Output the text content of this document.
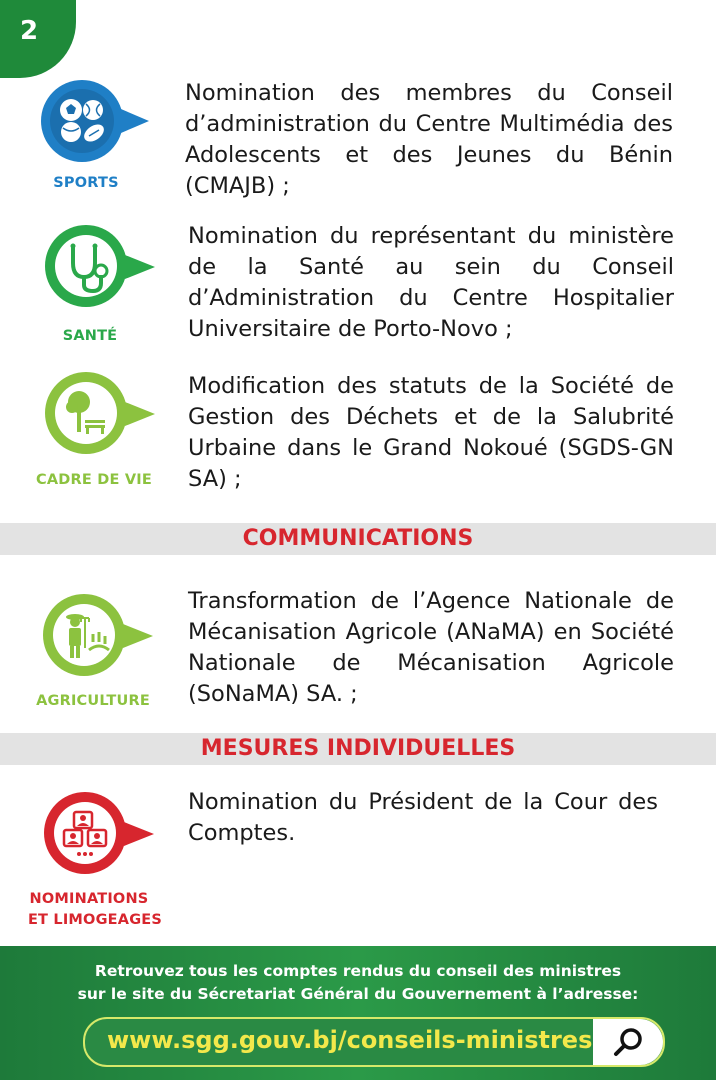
2
SPORTS
Nomination des membres du Conseil d’administration du Centre Multimédia des Adolescents et des Jeunes du Bénin (CMAJB) ;
SANTÉ
Nomination du représentant du ministère de la Santé au sein du Conseil d’Administration du Centre Hospitalier Universitaire de Porto-Novo ;
CADRE DE VIE
Modification des statuts de la Société de Gestion des Déchets et de la Salubrité Urbaine dans le Grand Nokoué (SGDS-GN SA) ;
COMMUNICATIONS
AGRICULTURE
Transformation de l’Agence Nationale de Mécanisation Agricole (ANaMA) en Société Nationale de Mécanisation Agricole (SoNaMA) SA. ;
MESURES INDIVIDUELLES
NOMINATIONS
ET LIMOGEAGES
Nomination du Président de la Cour des Comptes.
Retrouvez tous les comptes rendus du conseil des ministres
sur le site du Sécretariat Général du Gouvernement à l’adresse:
www.sgg.gouv.bj/conseils-ministres
